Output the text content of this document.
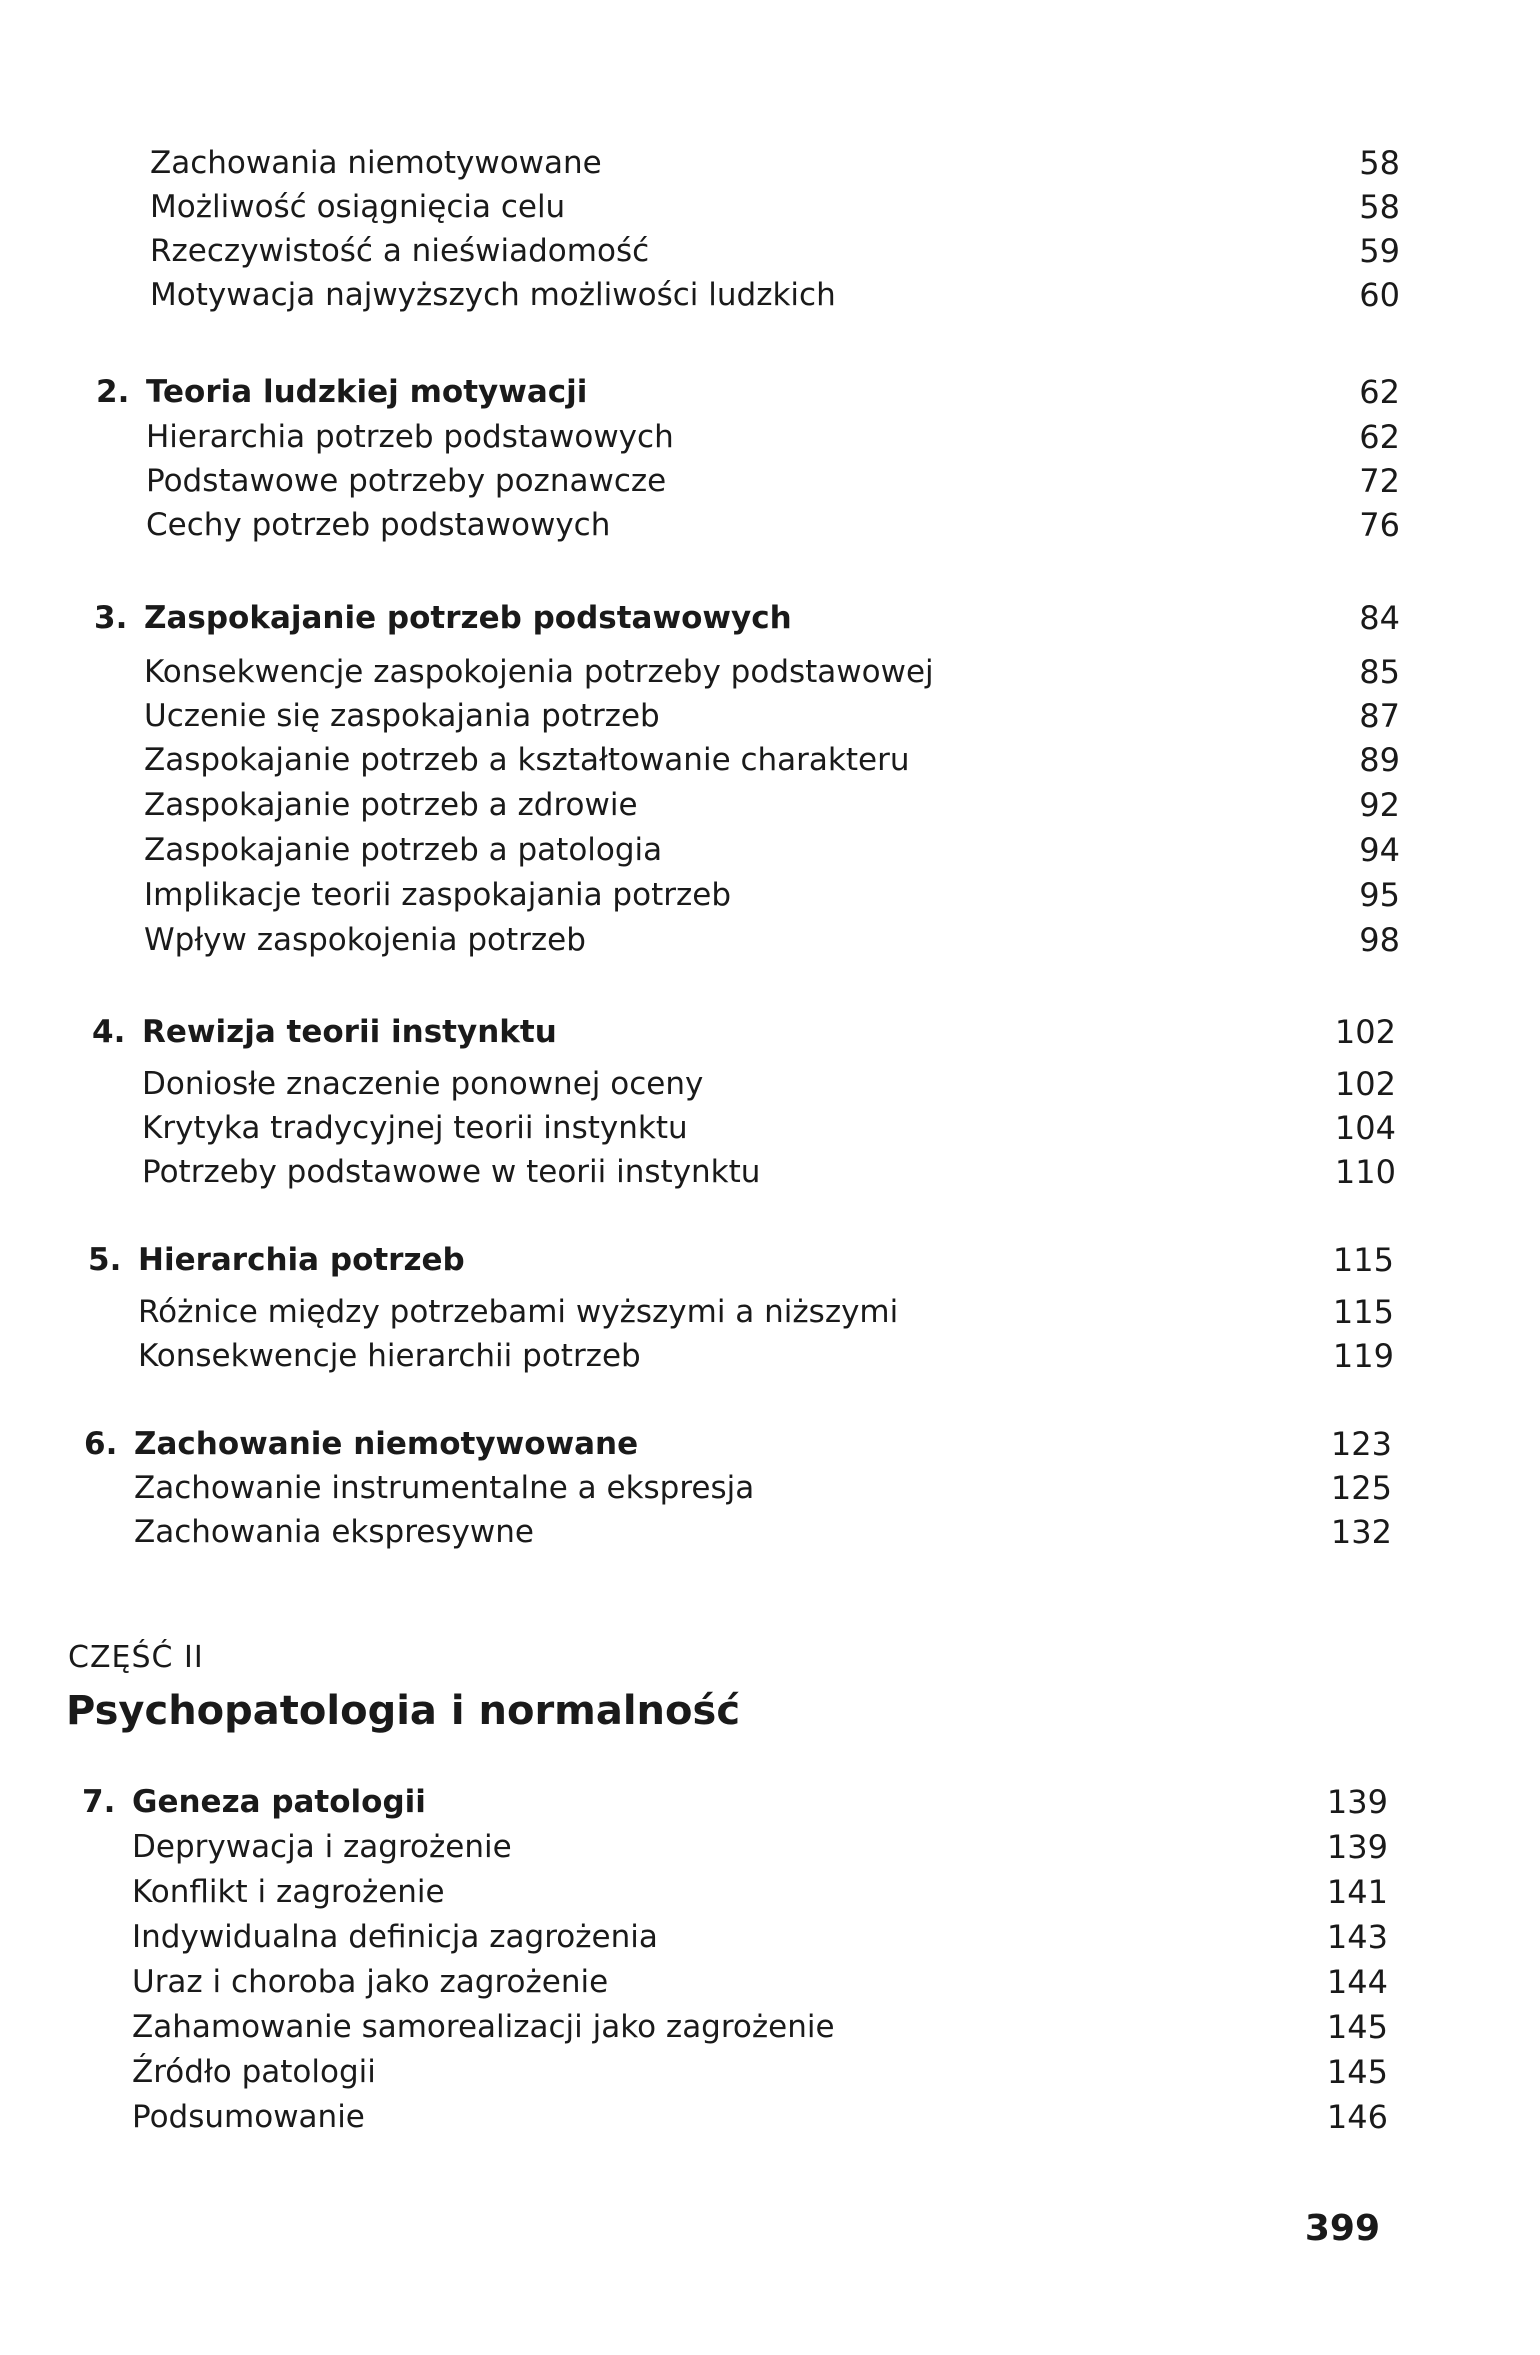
Zachowania niemotywowane	58
Możliwość osiągnięcia celu	58
Rzeczywistość a nieświadomość	59
Motywacja najwyższych możliwości ludzkich	60
2. Teoria ludzkiej motywacji	62
Hierarchia potrzeb podstawowych	62
Podstawowe potrzeby poznawcze	72
Cechy potrzeb podstawowych	76
3. Zaspokajanie potrzeb podstawowych	84
Konsekwencje zaspokojenia potrzeby podstawowej	85
Uczenie się zaspokajania potrzeb	87
Zaspokajanie potrzeb a kształtowanie charakteru	89
Zaspokajanie potrzeb a zdrowie	92
Zaspokajanie potrzeb a patologia	94
Implikacje teorii zaspokajania potrzeb	95
Wpływ zaspokojenia potrzeb	98
4. Rewizja teorii instynktu	102
Doniosłe znaczenie ponownej oceny	102
Krytyka tradycyjnej teorii instynktu	104
Potrzeby podstawowe w teorii instynktu	110
5. Hierarchia potrzeb	115
Różnice między potrzebami wyższymi a niższymi	115
Konsekwencje hierarchii potrzeb	119
6. Zachowanie niemotywowane	123
Zachowanie instrumentalne a ekspresja	125
Zachowania ekspresywne	132
CZĘŚĆ II
Psychopatologia i normalność
7. Geneza patologii	139
Deprywacja i zagrożenie	139
Konflikt i zagrożenie	141
Indywidualna definicja zagrożenia	143
Uraz i choroba jako zagrożenie	144
Zahamowanie samorealizacji jako zagrożenie	145
Źródło patologii	145
Podsumowanie	146
399
